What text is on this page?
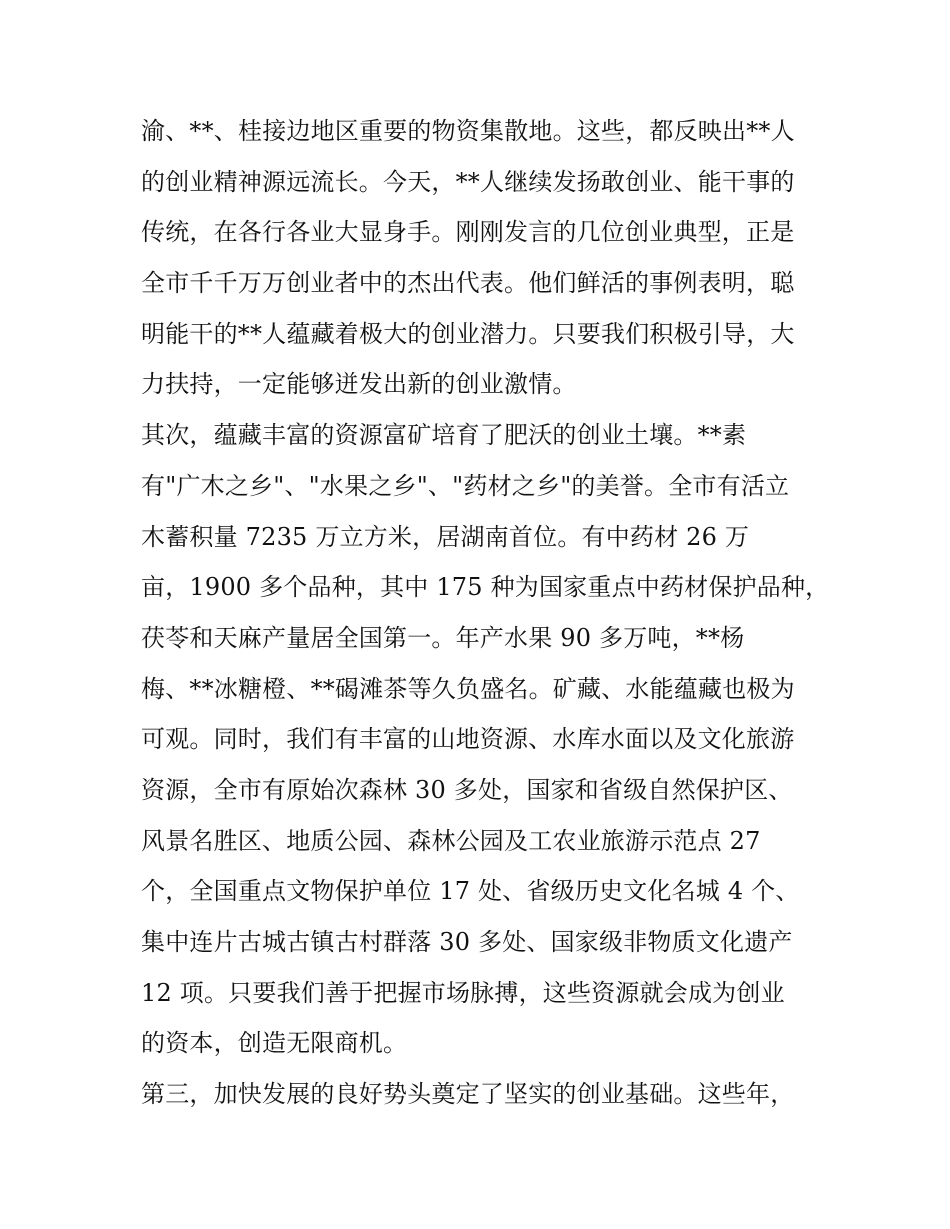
渝、**、桂接边地区重要的物资集散地。这些，都反映出**人
的创业精神源远流长。今天，**人继续发扬敢创业、能干事的
传统，在各行各业大显身手。刚刚发言的几位创业典型，正是
全市千千万万创业者中的杰出代表。他们鲜活的事例表明，聪
明能干的**人蕴藏着极大的创业潜力。只要我们积极引导，大
力扶持，一定能够迸发出新的创业激情。
其次，蕴藏丰富的资源富矿培育了肥沃的创业土壤。**素
有"广木之乡"、"水果之乡"、"药材之乡"的美誉。全市有活立
木蓄积量 7235 万立方米，居湖南首位。有中药材 26 万
亩，1900 多个品种，其中 175 种为国家重点中药材保护品种，
茯苓和天麻产量居全国第一。年产水果 90 多万吨，**杨
梅、**冰糖橙、**碣滩茶等久负盛名。矿藏、水能蕴藏也极为
可观。同时，我们有丰富的山地资源、水库水面以及文化旅游
资源，全市有原始次森林 30 多处，国家和省级自然保护区、
风景名胜区、地质公园、森林公园及工农业旅游示范点 27
个，全国重点文物保护单位 17 处、省级历史文化名城 4 个、
集中连片古城古镇古村群落 30 多处、国家级非物质文化遗产
12 项。只要我们善于把握市场脉搏，这些资源就会成为创业
的资本，创造无限商机。
第三，加快发展的良好势头奠定了坚实的创业基础。这些年，
